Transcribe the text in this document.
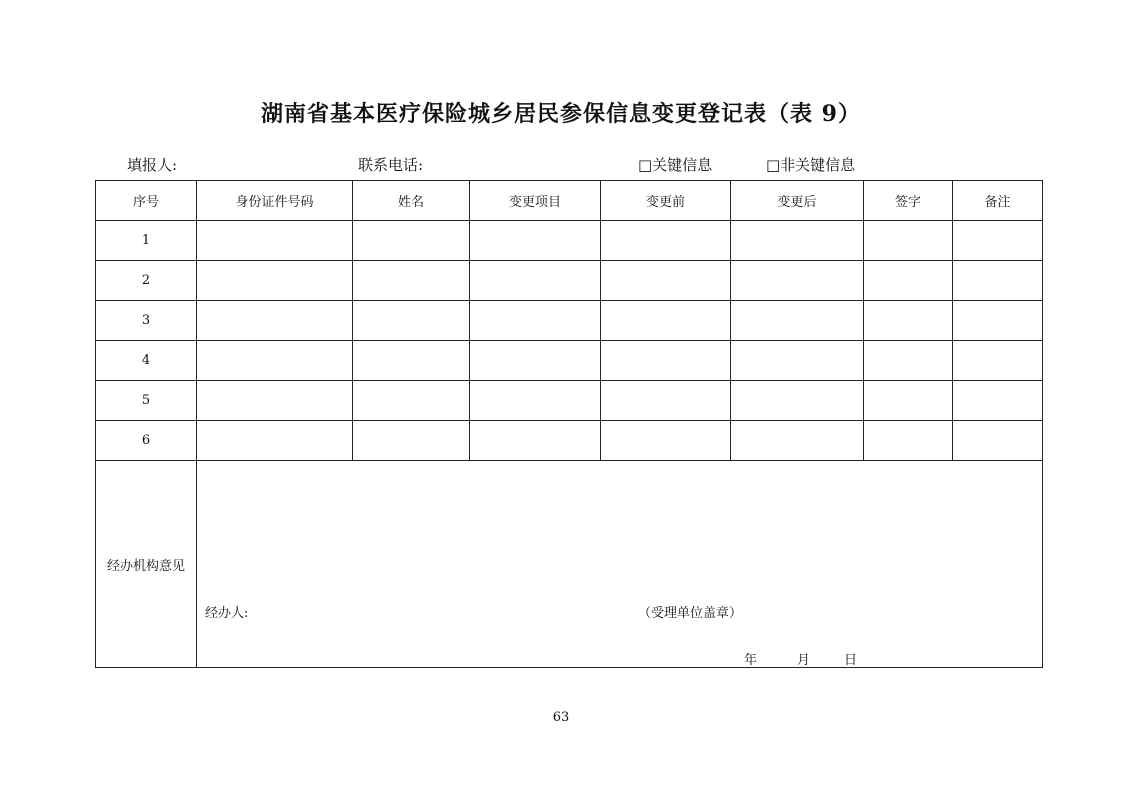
湖南省基本医疗保险城乡居民参保信息变更登记表（表 9）
填报人:	联系电话:	□关键信息	□非关键信息
序号	身份证件号码	姓名	变更项目	变更前	变更后	签字	备注
1							
2							
3							
4							
5							
6							
经办机构意见	经办人: （受理单位盖章）
年 月 日						
63
